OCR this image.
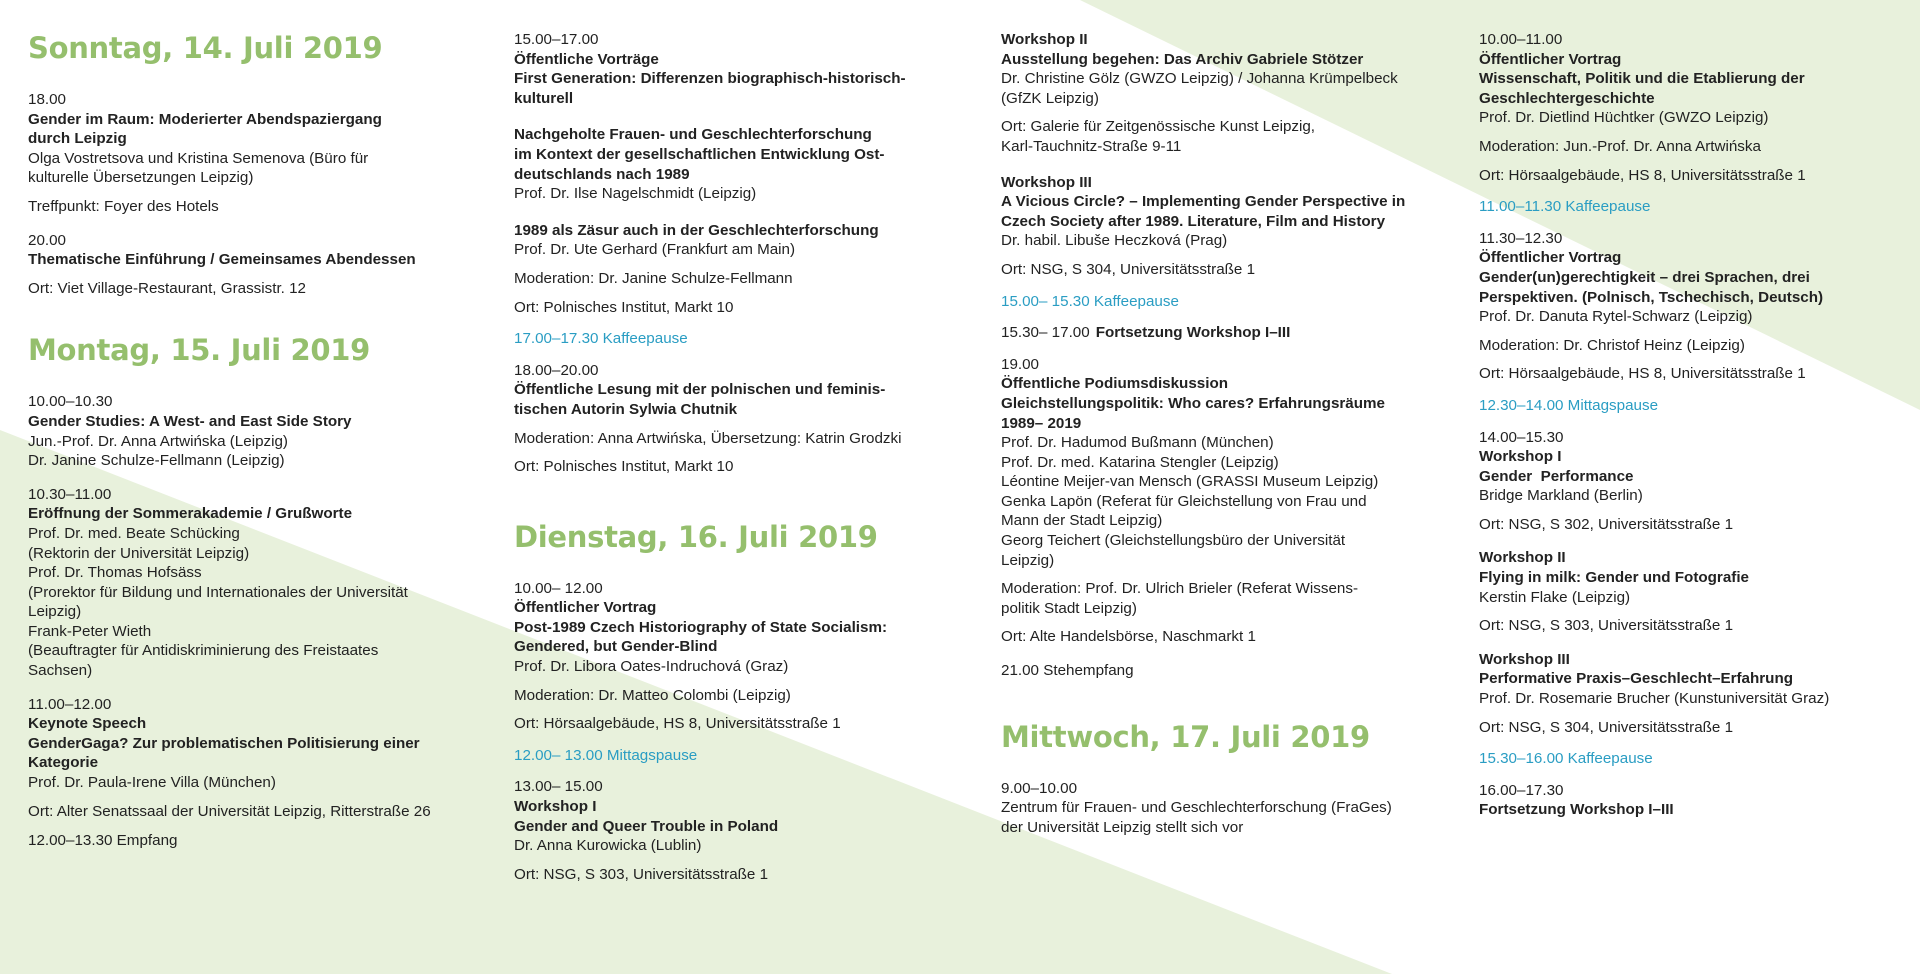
Sonntag, 14. Juli 2019
18.00
Gender im Raum: Moderierter Abendspaziergang
durch Leipzig
Olga Vostretsova und Kristina Semenova (Büro für
kulturelle Übersetzungen Leipzig)
Treffpunkt: Foyer des Hotels
20.00
Thematische Einführung / Gemeinsames Abendessen
Ort: Viet Village-Restaurant, Grassistr. 12
Montag, 15. Juli 2019
10.00–10.30
Gender Studies: A West- and East Side Story
Jun.-Prof. Dr. Anna Artwińska (Leipzig)
Dr. Janine Schulze-Fellmann (Leipzig)
10.30–11.00
Eröffnung der Sommerakademie / Grußworte
Prof. Dr. med. Beate Schücking
(Rektorin der Universität Leipzig)
Prof. Dr. Thomas Hofsäss
(Prorektor für Bildung und Internationales der Universität
Leipzig)
Frank-Peter Wieth
(Beauftragter für Antidiskriminierung des Freistaates
Sachsen)
11.00–12.00
Keynote Speech
GenderGaga? Zur problematischen Politisierung einer
Kategorie
Prof. Dr. Paula-Irene Villa (München)
Ort: Alter Senatssaal der Universität Leipzig, Ritterstraße 26
12.00–13.30 Empfang
15.00–17.00
Öffentliche Vorträge
First Generation: Differenzen biographisch-historisch-
kulturell
Nachgeholte Frauen- und Geschlechterforschung
im Kontext der gesellschaftlichen Entwicklung Ost-
deutschlands nach 1989
Prof. Dr. Ilse Nagelschmidt (Leipzig)
1989 als Zäsur auch in der Geschlechterforschung
Prof. Dr. Ute Gerhard (Frankfurt am Main)
Moderation: Dr. Janine Schulze-Fellmann
Ort: Polnisches Institut, Markt 10
17.00–17.30 Kaffeepause
18.00–20.00
Öffentliche Lesung mit der polnischen und feminis-
tischen Autorin Sylwia Chutnik
Moderation: Anna Artwińska, Übersetzung: Katrin Grodzki
Ort: Polnisches Institut, Markt 10
Dienstag, 16. Juli 2019
10.00– 12.00
Öffentlicher Vortrag
Post-1989 Czech Historiography of State Socialism:
Gendered, but Gender-Blind
Prof. Dr. Libora Oates-Indruchová (Graz)
Moderation: Dr. Matteo Colombi (Leipzig)
Ort: Hörsaalgebäude, HS 8, Universitätsstraße 1
12.00– 13.00 Mittagspause
13.00– 15.00
Workshop I
Gender and Queer Trouble in Poland
Dr. Anna Kurowicka (Lublin)
Ort: NSG, S 303, Universitätsstraße 1
Workshop II
Ausstellung begehen: Das Archiv Gabriele Stötzer
Dr. Christine Gölz (GWZO Leipzig) / Johanna Krümpelbeck
(GfZK Leipzig)
Ort: Galerie für Zeitgenössische Kunst Leipzig,
Karl-Tauchnitz-Straße 9-11
Workshop III
A Vicious Circle? – Implementing Gender Perspective in
Czech Society after 1989. Literature, Film and History
Dr. habil. Libuše Heczková (Prag)
Ort: NSG, S 304, Universitätsstraße 1
15.00– 15.30 Kaffeepause
15.30– 17.00 Fortsetzung Workshop I–III
19.00
Öffentliche Podiumsdiskussion
Gleichstellungspolitik: Who cares? Erfahrungsräume
1989– 2019
Prof. Dr. Hadumod Bußmann (München)
Prof. Dr. med. Katarina Stengler (Leipzig)
Léontine Meijer-van Mensch (GRASSI Museum Leipzig)
Genka Lapön (Referat für Gleichstellung von Frau und
Mann der Stadt Leipzig)
Georg Teichert (Gleichstellungsbüro der Universität
Leipzig)
Moderation: Prof. Dr. Ulrich Brieler (Referat Wissens-
politik Stadt Leipzig)
Ort: Alte Handelsbörse, Naschmarkt 1
21.00 Stehempfang
Mittwoch, 17. Juli 2019
9.00–10.00
Zentrum für Frauen- und Geschlechterforschung (FraGes)
der Universität Leipzig stellt sich vor
10.00–11.00
Öffentlicher Vortrag
Wissenschaft, Politik und die Etablierung der
Geschlechtergeschichte
Prof. Dr. Dietlind Hüchtker (GWZO Leipzig)
Moderation: Jun.-Prof. Dr. Anna Artwińska
Ort: Hörsaalgebäude, HS 8, Universitätsstraße 1
11.00–11.30 Kaffeepause
11.30–12.30
Öffentlicher Vortrag
Gender(un)gerechtigkeit – drei Sprachen, drei
Perspektiven. (Polnisch, Tschechisch, Deutsch)
Prof. Dr. Danuta Rytel-Schwarz (Leipzig)
Moderation: Dr. Christof Heinz (Leipzig)
Ort: Hörsaalgebäude, HS 8, Universitätsstraße 1
12.30–14.00 Mittagspause
14.00–15.30
Workshop I
Gender  Performance
Bridge Markland (Berlin)
Ort: NSG, S 302, Universitätsstraße 1
Workshop II
Flying in milk: Gender und Fotografie
Kerstin Flake (Leipzig)
Ort: NSG, S 303, Universitätsstraße 1
Workshop III
Performative Praxis–Geschlecht–Erfahrung
Prof. Dr. Rosemarie Brucher (Kunstuniversität Graz)
Ort: NSG, S 304, Universitätsstraße 1
15.30–16.00 Kaffeepause
16.00–17.30
Fortsetzung Workshop I–III
